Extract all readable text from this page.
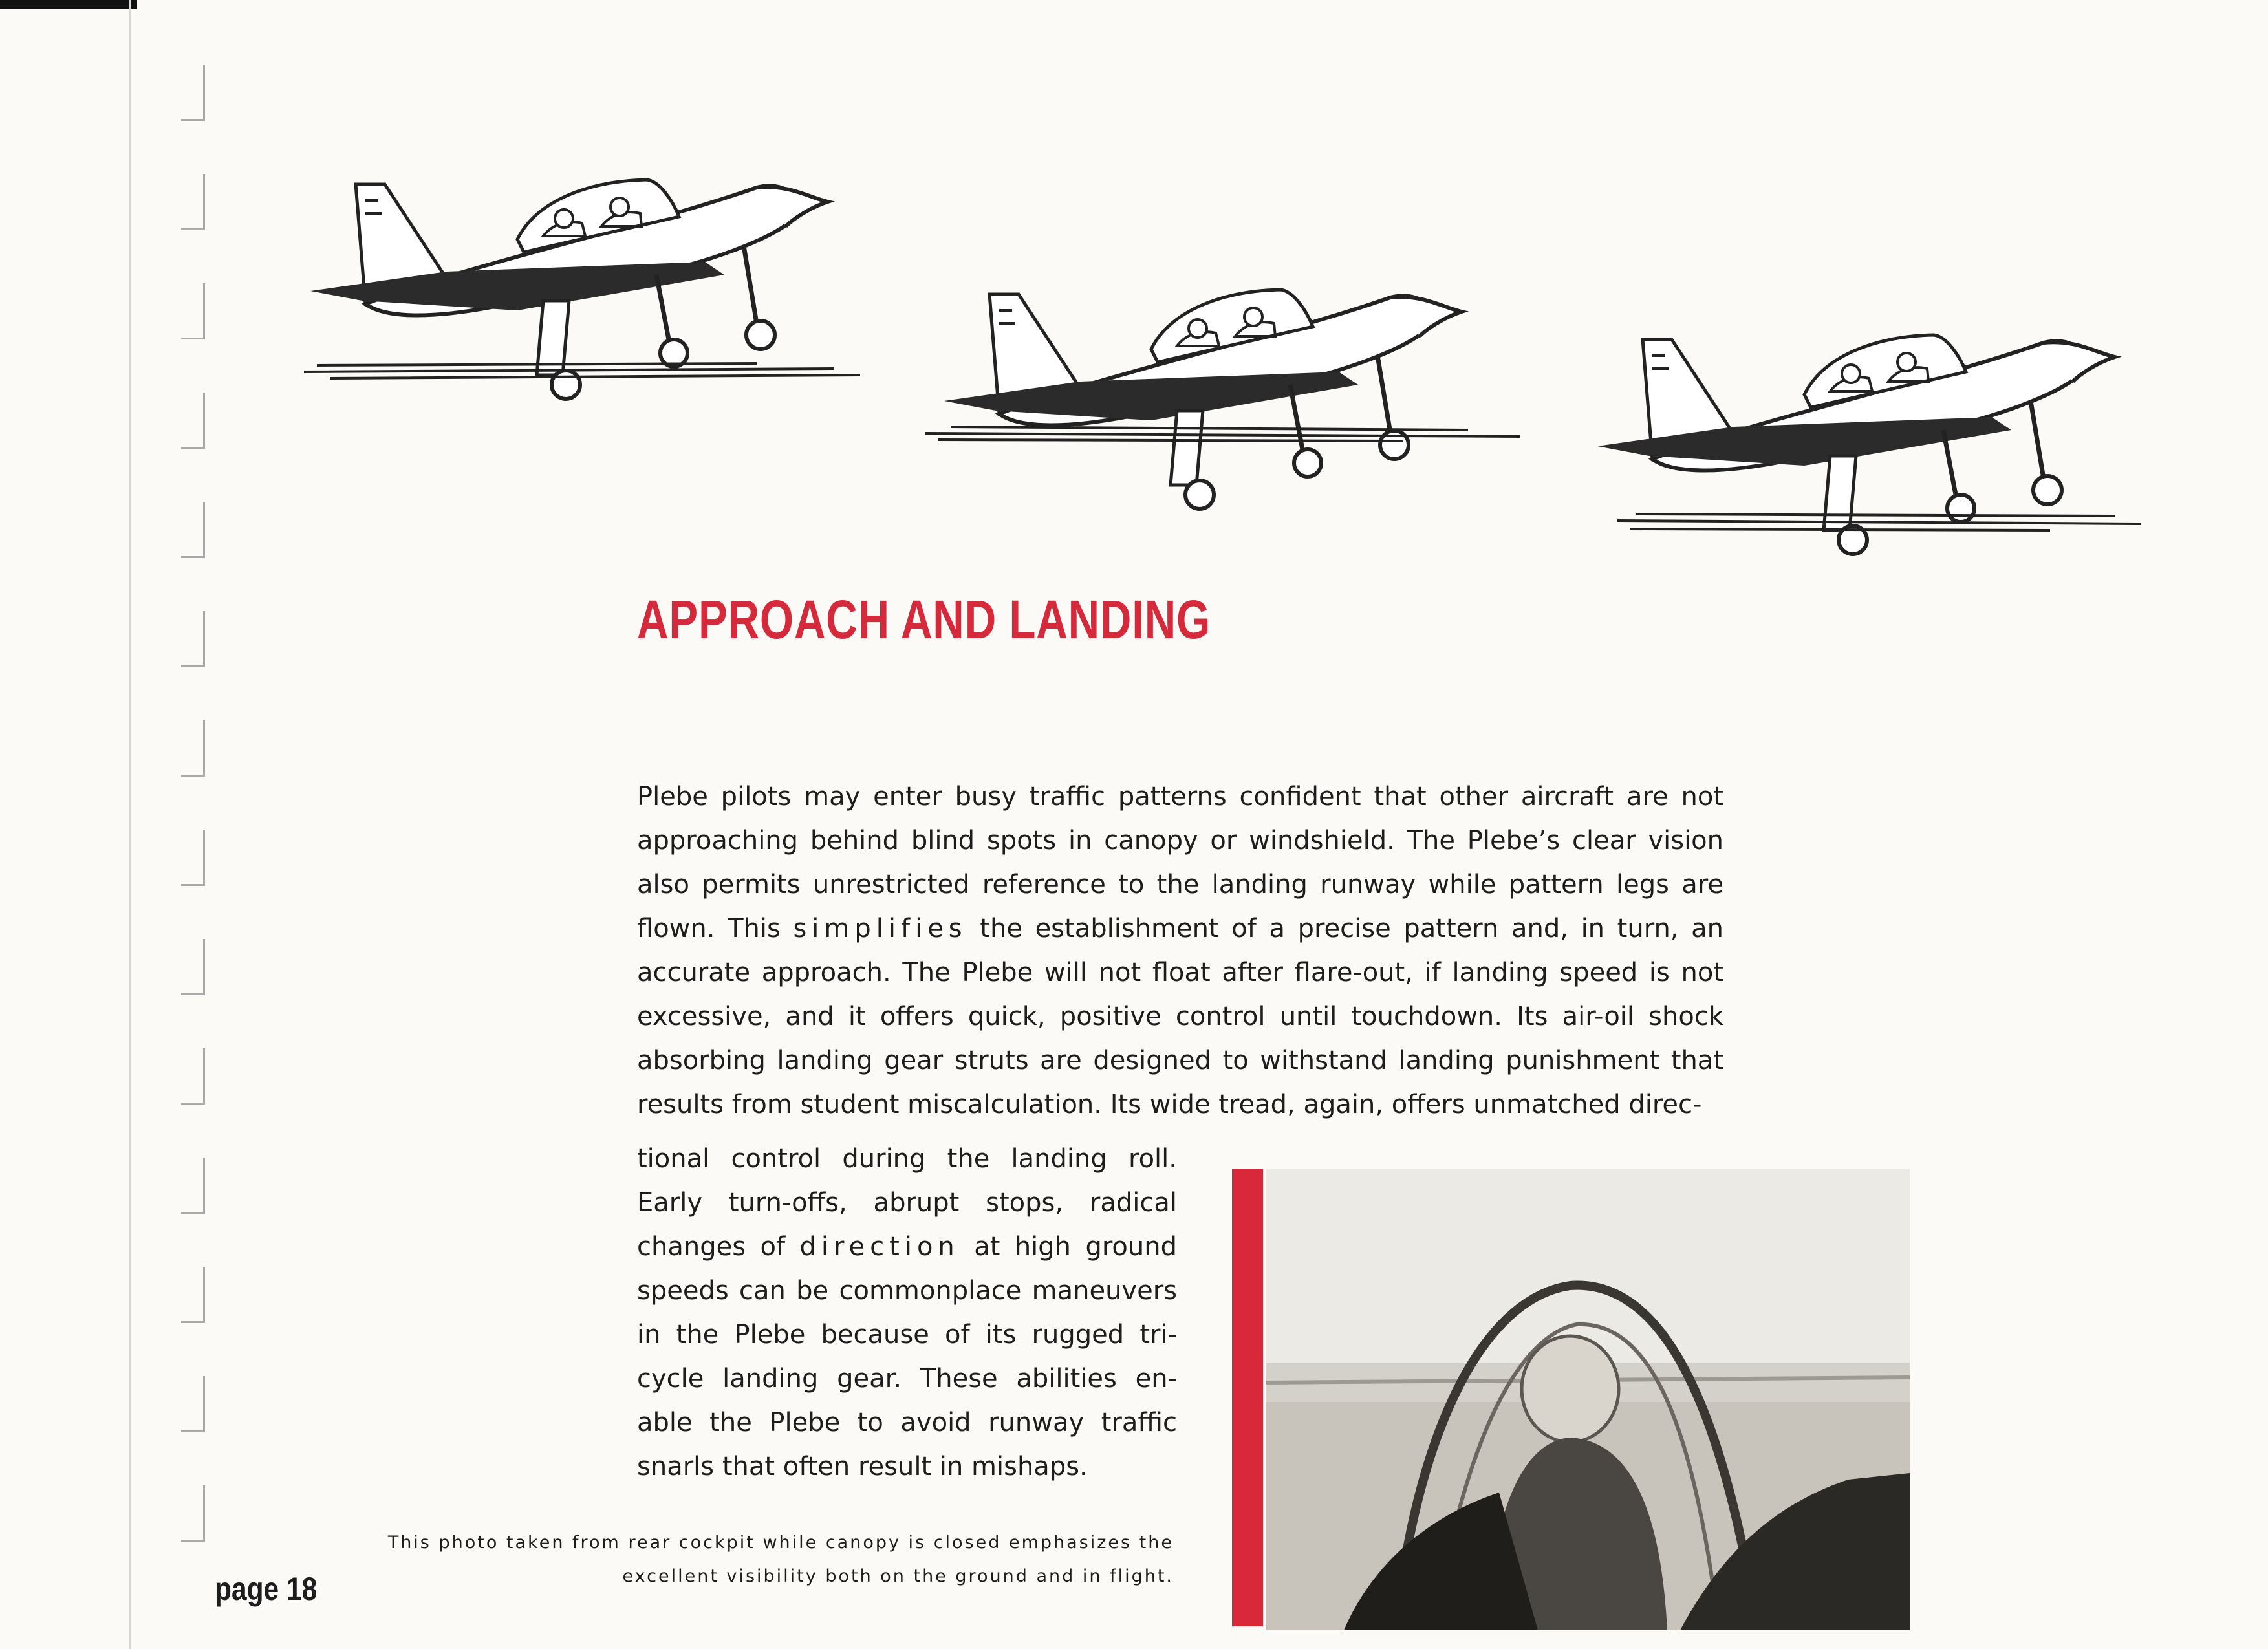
APPROACH AND LANDING

Plebe pilots may enter busy traffic patterns confident that other aircraft are not approaching behind blind spots in canopy or windshield. The Plebe’s clear vision also permits unrestricted reference to the landing runway while pattern legs are flown. This simplifies the establishment of a precise pattern and, in turn, an accurate approach. The Plebe will not float after flare-out, if landing speed is not excessive, and it offers quick, positive control until touchdown. Its air-oil shock absorbing landing gear struts are designed to withstand landing punishment that results from student miscalculation. Its wide tread, again, offers unmatched direc-

tional control during the landing roll. Early turn-offs, abrupt stops, radical changes of direction at high ground speeds can be commonplace maneuvers in the Plebe because of its rugged tri-cycle landing gear. These abilities en-able the Plebe to avoid runway traffic snarls that often result in mishaps.

This photo taken from rear cockpit while canopy is closed emphasizes the excellent visibility both on the ground and in flight.

page 18
